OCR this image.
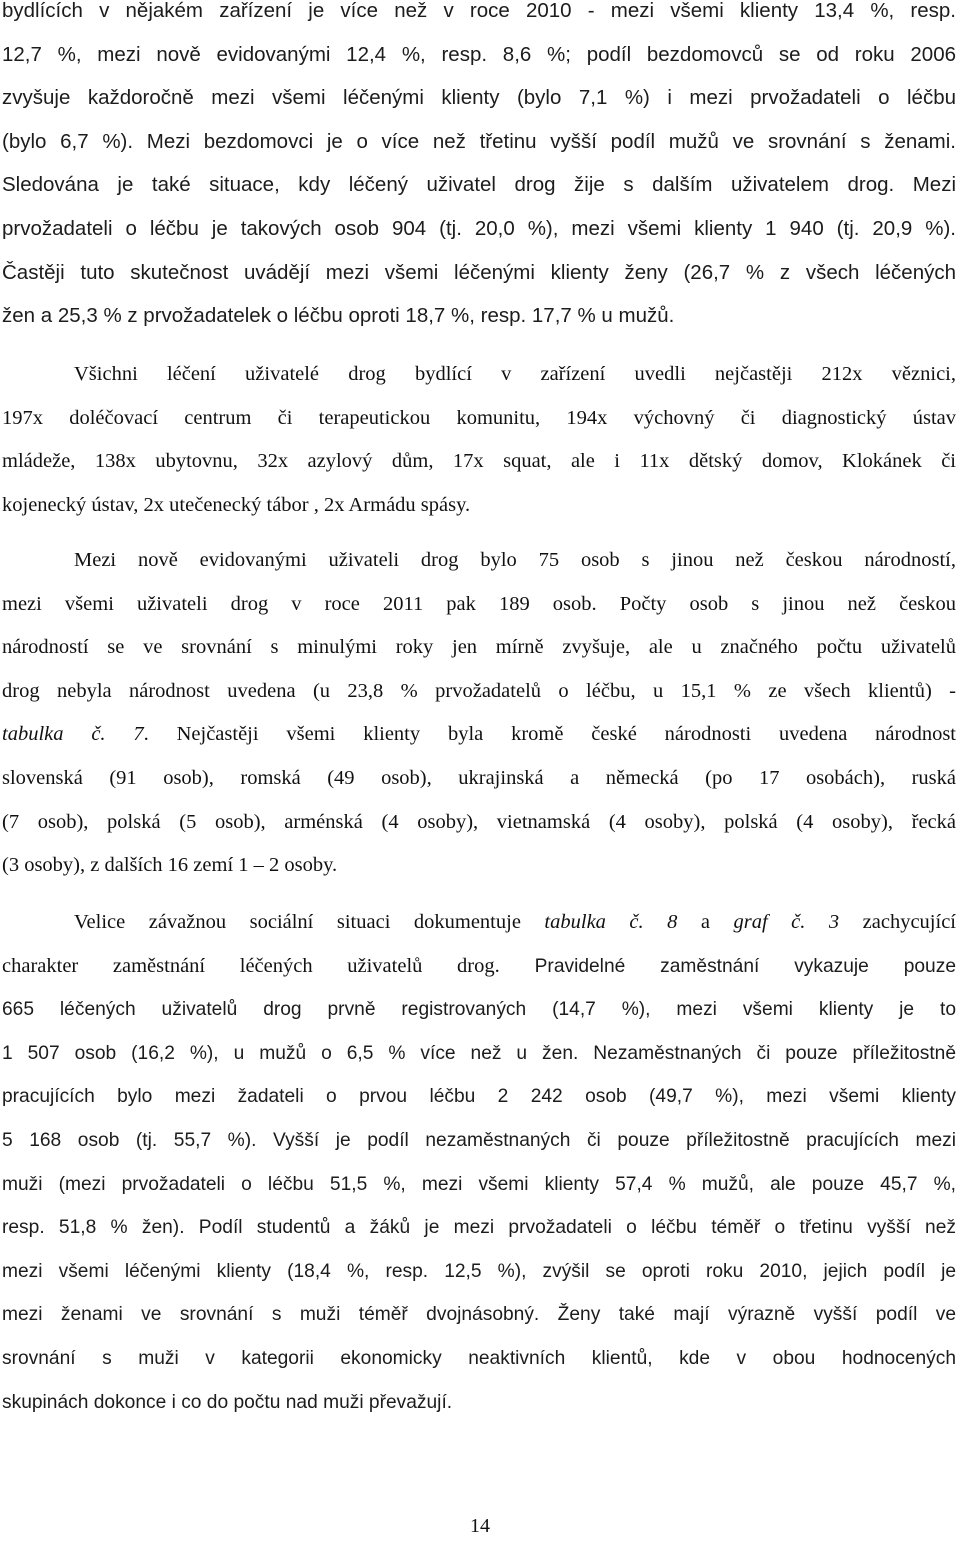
bydlících v nějakém zařízení je více než v roce 2010 - mezi všemi klienty 13,4 %, resp.
12,7 %, mezi nově evidovanými 12,4 %, resp. 8,6 %; podíl bezdomovců se od roku 2006
zvyšuje každoročně mezi všemi léčenými klienty (bylo 7,1 %) i mezi prvožadateli o léčbu
(bylo 6,7 %). Mezi bezdomovci je o více než třetinu vyšší podíl mužů ve srovnání s ženami.
Sledována je také situace, kdy léčený uživatel drog žije s dalším uživatelem drog. Mezi
prvožadateli o léčbu je takových osob 904 (tj. 20,0 %), mezi všemi klienty 1 940 (tj. 20,9 %).
Častěji tuto skutečnost uvádějí mezi všemi léčenými klienty ženy (26,7 % z všech léčených
žen a 25,3 % z prvožadatelek o léčbu oproti 18,7 %, resp. 17,7 % u mužů.
Všichni léčení uživatelé drog bydlící v zařízení uvedli nejčastěji 212x věznici,
197x doléčovací centrum či terapeutickou komunitu, 194x výchovný či diagnostický ústav
mládeže, 138x ubytovnu, 32x azylový dům, 17x squat, ale i 11x dětský domov, Klokánek či
kojenecký ústav, 2x utečenecký tábor , 2x Armádu spásy.
Mezi nově evidovanými uživateli drog bylo 75 osob s jinou než českou národností,
mezi všemi uživateli drog v roce 2011 pak 189 osob. Počty osob s jinou než českou
národností se ve srovnání s minulými roky jen mírně zvyšuje, ale u značného počtu uživatelů
drog nebyla národnost uvedena (u 23,8 % prvožadatelů o léčbu, u 15,1 % ze všech klientů) -
tabulka č. 7. Nejčastěji všemi klienty byla kromě české národnosti uvedena národnost
slovenská (91 osob), romská (49 osob), ukrajinská a německá (po 17 osobách), ruská
(7 osob), polská (5 osob), arménská (4 osoby), vietnamská (4 osoby), polská (4 osoby), řecká
(3 osoby), z dalších 16 zemí 1 – 2 osoby.
Velice závažnou sociální situaci dokumentuje tabulka č. 8 a graf č. 3 zachycující
charakter zaměstnání léčených uživatelů drog. Pravidelné zaměstnání vykazuje pouze
665 léčených uživatelů drog prvně registrovaných (14,7 %), mezi všemi klienty je to
1 507 osob (16,2 %), u mužů o 6,5 % více než u žen. Nezaměstnaných či pouze příležitostně
pracujících bylo mezi žadateli o prvou léčbu 2 242 osob (49,7 %), mezi všemi klienty
5 168 osob (tj. 55,7 %). Vyšší je podíl nezaměstnaných či pouze příležitostně pracujících mezi
muži (mezi prvožadateli o léčbu 51,5 %, mezi všemi klienty 57,4 % mužů, ale pouze 45,7 %,
resp. 51,8 % žen). Podíl studentů a žáků je mezi prvožadateli o léčbu téměř o třetinu vyšší než
mezi všemi léčenými klienty (18,4 %, resp. 12,5 %), zvýšil se oproti roku 2010, jejich podíl je
mezi ženami ve srovnání s muži téměř dvojnásobný. Ženy také mají výrazně vyšší podíl ve
srovnání s muži v kategorii ekonomicky neaktivních klientů, kde v obou hodnocených
skupinách dokonce i co do počtu nad muži převažují.
14
